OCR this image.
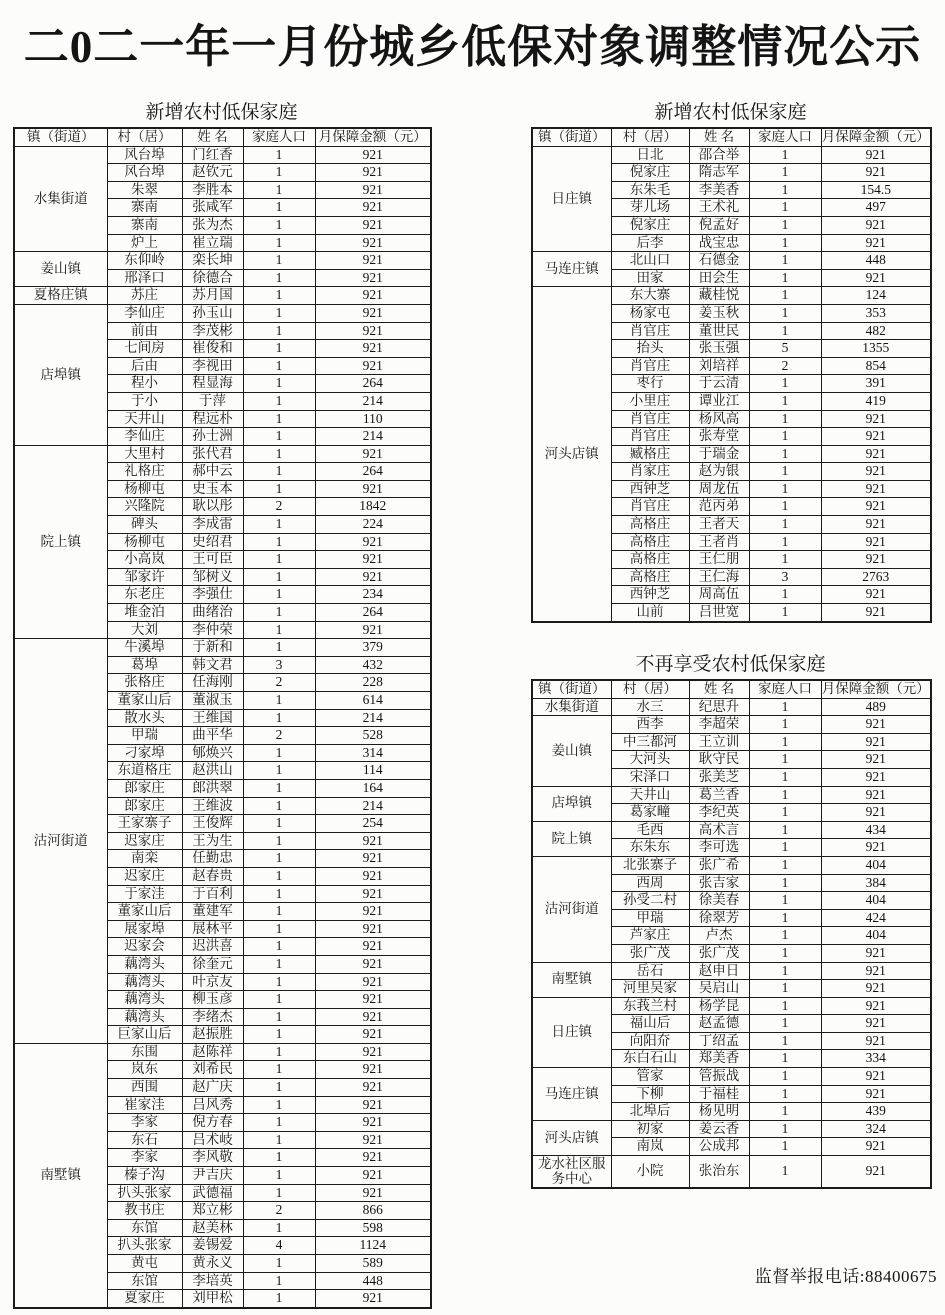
二0二一年一月份城乡低保对象调整情况公示
新增农村低保家庭
镇（街道）	村（居）	姓 名	家庭人口	月保障金额（元）
水集街道	风台埠	门红香	1	921
	风台埠	赵钦元	1	921
	朱翠	李胜本	1	921
	寨南	张咸军	1	921
	寨南	张为杰	1	921
	炉上	崔立瑞	1	921
姜山镇	东仰岭	栾长坤	1	921
	邢泽口	徐德合	1	921
夏格庄镇	苏庄	苏月国	1	921
店埠镇	李仙庄	孙玉山	1	921
	前由	李茂彬	1	921
	七间房	崔俊和	1	921
	后由	李视田	1	921
	程小	程显海	1	264
	于小	于萍	1	214
	天井山	程远朴	1	110
	李仙庄	孙士洲	1	214
院上镇	大里村	张代君	1	921
	礼格庄	郝中云	1	264
	杨柳屯	史玉本	1	921
	兴隆院	耿以彤	2	1842
	碑头	李成雷	1	224
	杨柳屯	史绍君	1	921
	小高岚	王可臣	1	921
	邹家许	邹树义	1	921
	东老庄	李强仕	1	234
	堆金泊	曲绪治	1	264
	大刘	李仲荣	1	921
沽河街道	牛溪埠	于新和	1	379
	葛埠	韩文君	3	432
	张格庄	任海刚	2	228
	董家山后	董淑玉	1	614
	散水头	王维国	1	214
	甲瑞	曲平华	2	528
	刁家埠	郇焕兴	1	314
	东道格庄	赵洪山	1	114
	郎家庄	郎洪翠	1	164
	郎家庄	王维波	1	214
	王家寨子	王俊辉	1	254
	迟家庄	王为生	1	921
	南栾	任勤忠	1	921
	迟家庄	赵春贵	1	921
	于家洼	于百利	1	921
	董家山后	董建军	1	921
	展家埠	展林平	1	921
	迟家会	迟洪喜	1	921
	藕湾头	徐奎元	1	921
	藕湾头	叶京友	1	921
	藕湾头	柳玉彦	1	921
	藕湾头	李绪杰	1	921
	巨家山后	赵振胜	1	921
南墅镇	东围	赵陈祥	1	921
	岚东	刘希民	1	921
	西围	赵广庆	1	921
	崔家洼	吕风秀	1	921
	李家	倪方春	1	921
	东石	吕术岐	1	921
	李家	李风敬	1	921
	榛子沟	尹吉庆	1	921
	扒头张家	武德福	1	921
	教书庄	郑立彬	2	866
	东馆	赵美林	1	598
	扒头张家	姜锡爱	4	1124
	黄屯	黄永义	1	589
	东馆	李培英	1	448
	夏家庄	刘甲松	1	921
新增农村低保家庭
镇（街道）	村（居）	姓 名	家庭人口	月保障金额（元）
日庄镇	日北	邵合举	1	921
	倪家庄	隋志军	1	921
	东朱毛	李美香	1	154.5
	芽儿场	王术礼	1	497
	倪家庄	倪孟好	1	921
	后李	战宝忠	1	921
马连庄镇	北山口	石德金	1	448
	田家	田会生	1	921
河头店镇	东大寨	藏桂悦	1	124
	杨家屯	姜玉秋	1	353
	肖官庄	董世民	1	482
	抬头	张玉强	5	1355
	肖官庄	刘培祥	2	854
	枣行	于云清	1	391
	小里庄	谭业江	1	419
	肖官庄	杨风高	1	921
	肖官庄	张寿堂	1	921
	臧格庄	于瑞金	1	921
	肖家庄	赵为银	1	921
	西钟芝	周龙伍	1	921
	肖官庄	范丙弟	1	921
	高格庄	王者天	1	921
	高格庄	王者肖	1	921
	高格庄	王仁朋	1	921
	高格庄	王仁海	3	2763
	西钟芝	周高伍	1	921
	山前	吕世宽	1	921
不再享受农村低保家庭
镇（街道）	村（居）	姓 名	家庭人口	月保障金额（元）
水集街道	水三	纪思升	1	489
姜山镇	西李	李超荣	1	921
	中三都河	王立训	1	921
	大河头	耿守民	1	921
	宋泽口	张美芝	1	921
店埠镇	天井山	葛兰香	1	921
	葛家疃	李纪英	1	921
院上镇	毛西	高术言	1	434
	东朱东	李可选	1	921
沽河街道	北张寨子	张广希	1	404
	西周	张吉家	1	384
	孙受二村	徐美春	1	404
	甲瑞	徐翠芳	1	424
	芦家庄	卢杰	1	404
	张广茂	张广茂	1	921
南墅镇	岳石	赵申日	1	921
	河里吴家	吴启山	1	921
日庄镇	东莪兰村	杨学昆	1	921
	福山后	赵孟德	1	921
	向阳夼	丁绍孟	1	921
	东白石山	郑美香	1	334
马连庄镇	管家	管振战	1	921
	下柳	于福桂	1	921
	北埠后	杨见明	1	439
河头店镇	初家	姜云香	1	324
	南岚	公成邦	1	921
龙水社区服务中心	小院	张治东	1	921
监督举报电话:88400675
